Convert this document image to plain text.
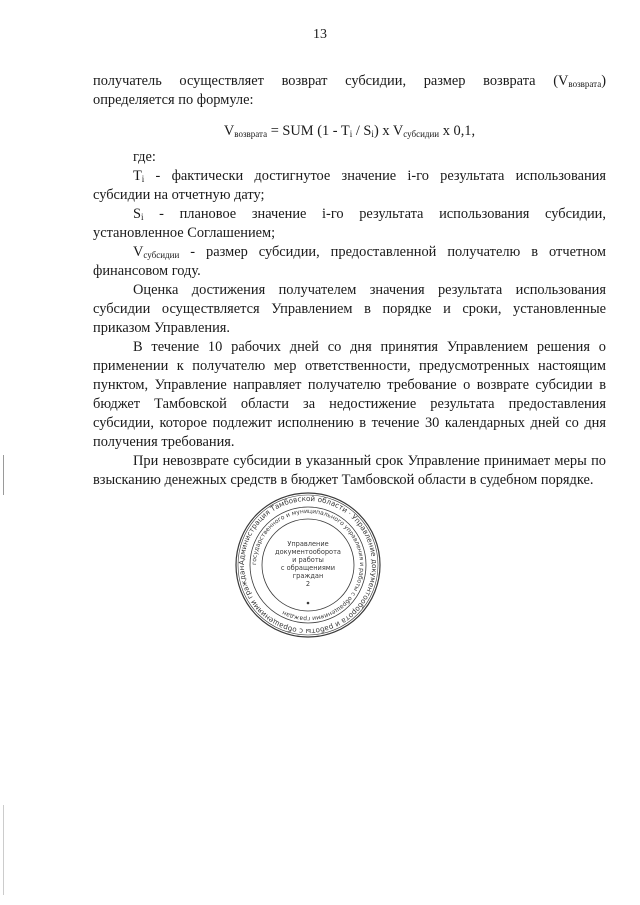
13

получатель осуществляет возврат субсидии, размер возврата $(V_{возврата})$ определяется по формуле:

$V_{возврата}$ = SUM $(1 - T_i / S_i)$ x $V_{субсидии}$ x 0,1,

где:

$T_i$ - фактически достигнутое значение i-го результата использования субсидии на отчетную дату;

$S_i$ - плановое значение i-го результата использования субсидии, установленное Соглашением;

$V_{субсидии}$ - размер субсидии, предоставленной получателю в отчетном финансовом году.

Оценка достижения получателем значения результата использования субсидии осуществляется Управлением в порядке и сроки, установленные приказом Управления.

В течение 10 рабочих дней со дня принятия Управлением решения о применении к получателю мер ответственности, предусмотренных настоящим пунктом, Управление направляет получателю требование о возврате субсидии в бюджет Тамбовской области за недостижение результата предоставления субсидии, которое подлежит исполнению в течение 30 календарных дней со дня получения требования.

При невозврате субсидии в указанный срок Управление принимает меры по взысканию денежных средств в бюджет Тамбовской области в судебном порядке.

Администрация Тамбовской области · Управление документооборота и работы с обращениями граждан
государственного и муниципального управления и работы с обращениями граждан
Управление
документооборота
и работы
с обращениями
граждан
2
